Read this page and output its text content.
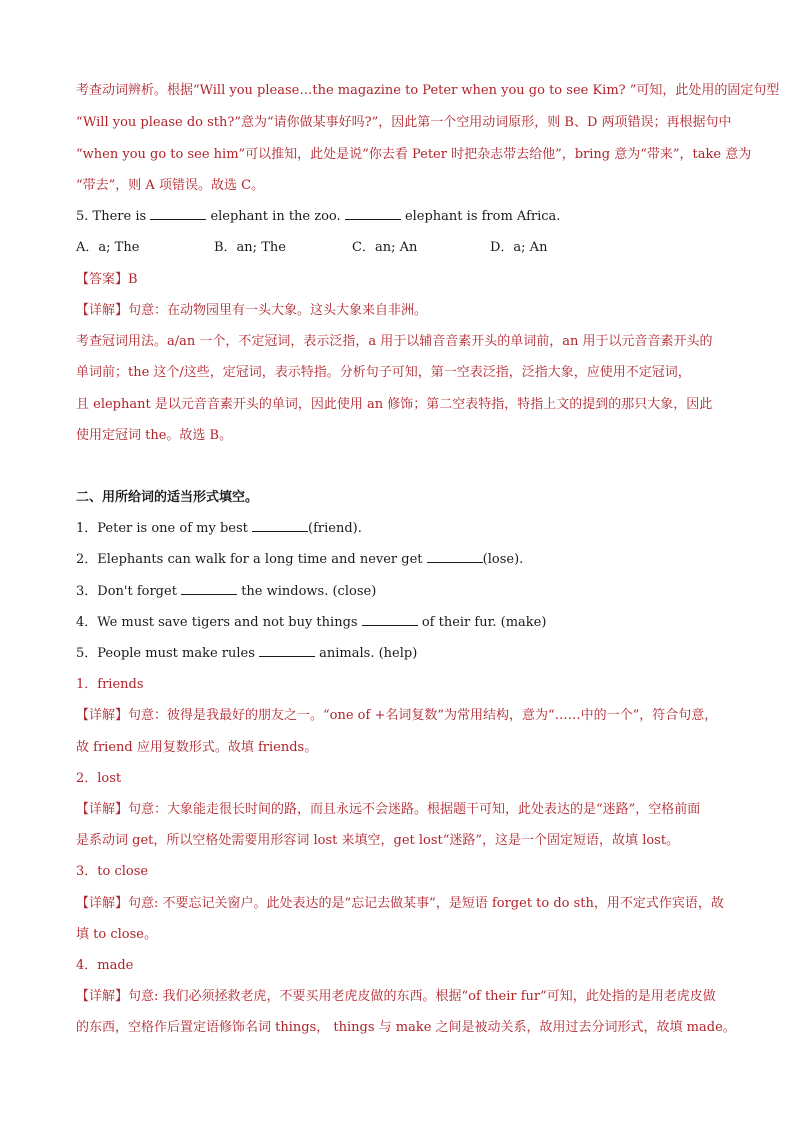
考查动词辨析。根据“Will you please…the magazine to Peter when you go to see Kim? ”可知，此处用的固定句型
“Will you please do sth?”意为“请你做某事好吗?”，因此第一个空用动词原形，则 B、D 两项错误；再根据句中
“when you go to see him”可以推知，此处是说“你去看 Peter 时把杂志带去给他”，bring 意为“带来”，take 意为
“带去”，则 A 项错误。故选 C。
5. There is	elephant in the zoo.	elephant is from Africa.
A．a; The	B．an; The	C．an; An	D．a; An
【答案】B
【详解】句意：在动物园里有一头大象。这头大象来自非洲。
考查冠词用法。a/an 一个，不定冠词，表示泛指，a 用于以辅音音素开头的单词前，an 用于以元音音素开头的
单词前；the 这个/这些，定冠词，表示特指。分析句子可知，第一空表泛指，泛指大象，应使用不定冠词，
且 elephant 是以元音音素开头的单词，因此使用 an 修饰；第二空表特指，特指上文的提到的那只大象，因此
使用定冠词 the。故选 B。
二、用所给词的适当形式填空。
1．Peter is one of my best	(friend).
2．Elephants can walk for a long time and never get	(lose).
3．Don't forget	the windows. (close)
4．We must save tigers and not buy things	of their fur. (make)
5．People must make rules	animals. (help)
1．friends
【详解】句意：彼得是我最好的朋友之一。“one of +名词复数”为常用结构，意为“……中的一个”，符合句意，
故 friend 应用复数形式。故填 friends。
2．lost
【详解】句意：大象能走很长时间的路，而且永远不会迷路。根据题干可知，此处表达的是“迷路”，空格前面
是系动词 get，所以空格处需要用形容词 lost 来填空，get lost“迷路”，这是一个固定短语，故填 lost。
3．to close
【详解】句意: 不要忘记关窗户。此处表达的是“忘记去做某事”，是短语 forget to do sth，用不定式作宾语，故
填 to close。
4．made
【详解】句意: 我们必须拯救老虎，不要买用老虎皮做的东西。根据“of their fur”可知，此处指的是用老虎皮做
的东西，空格作后置定语修饰名词 things， things 与 make 之间是被动关系，故用过去分词形式，故填 made。
